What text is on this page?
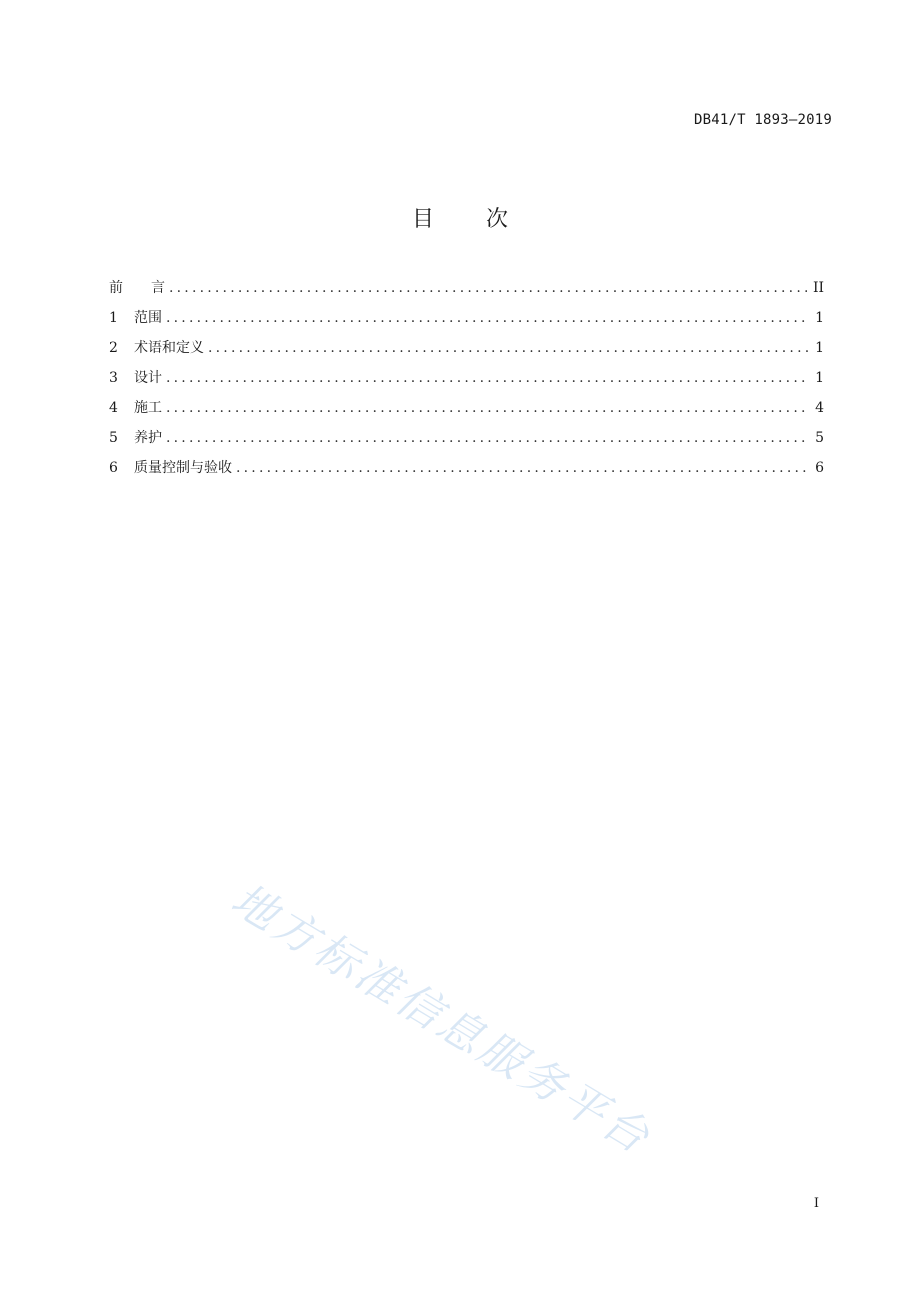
DB41/T 1893—2019
目 次
前　　言 .....	II
1	范围 .....	1
2	术语和定义 .....	1
3	设计 .....	1
4	施工 .....	4
5	养护 .....	5
6	质量控制与验收 .....	6
地方标准信息服务平台
I
